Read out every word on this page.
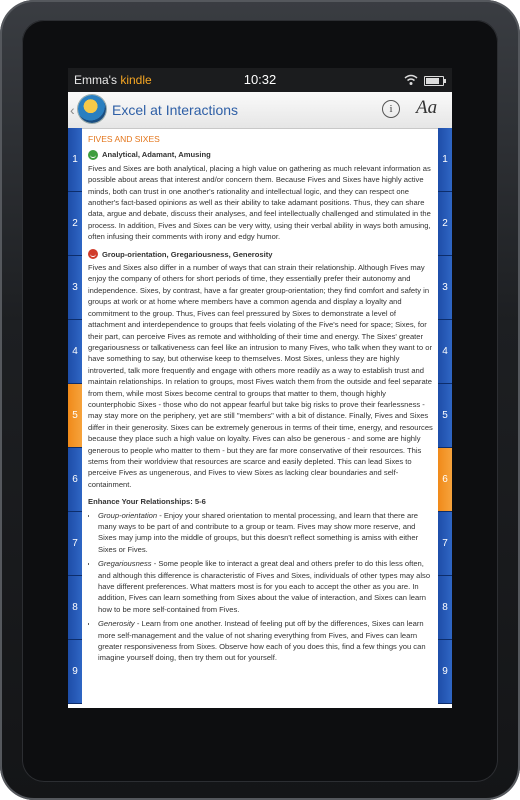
Emma's kindle	10:32
‹	Excel at Interactions	i	Aa
1
2
3
4
5
6
7
8
9
1
2
3
4
5
6
7
8
9
FIVES AND SIXES
Analytical, Adamant, Amusing
Fives and Sixes are both analytical, placing a high value on gathering as much relevant information as possible about areas that interest and/or concern them. Because Fives and Sixes have highly active minds, both can trust in one another's rationality and intellectual logic, and they can respect one another's fact-based opinions as well as their ability to take adamant positions. Thus, they can share data, argue and debate, discuss their analyses, and feel intellectually challenged and stimulated in the process. In addition, Fives and Sixes can be very witty, using their verbal ability in ways both amusing, often infusing their comments with irony and edgy humor.
Group-orientation, Gregariousness, Generosity
Fives and Sixes also differ in a number of ways that can strain their relationship. Although Fives may enjoy the company of others for short periods of time, they essentially prefer their autonomy and independence. Sixes, by contrast, have a far greater group-orientation; they find comfort and safety in groups at work or at home where members have a common agenda and display a loyalty and commitment to the group. Thus, Fives can feel pressured by Sixes to demonstrate a level of attachment and interdependence to groups that feels violating of the Five's need for space; Sixes, for their part, can perceive Fives as remote and withholding of their time and energy. The Sixes' greater gregariousness or talkativeness can feel like an intrusion to many Fives, who talk when they want to or have something to say, but otherwise keep to themselves. Most Sixes, unless they are highly introverted, talk more frequently and engage with others more readily as a way to establish trust and maintain relationships. In relation to groups, most Fives watch them from the outside and feel separate from them, while most Sixes become central to groups that matter to them, though highly counterphobic Sixes - those who do not appear fearful but take big risks to prove their fearlessness - may stay more on the periphery, yet are still "members" with a bit of distance. Finally, Fives and Sixes differ in their generosity. Sixes can be extremely generous in terms of their time, energy, and resources because they place such a high value on loyalty. Fives can also be generous - and some are highly generous to people who matter to them - but they are far more conservative of their resources. This stems from their worldview that resources are scarce and easily depleted. This can lead Sixes to perceive Fives as ungenerous, and Fives to view Sixes as lacking clear boundaries and self-containment.
Enhance Your Relationships: 5-6
• Group-orientation - Enjoy your shared orientation to mental processing, and learn that there are many ways to be part of and contribute to a group or team. Fives may show more reserve, and Sixes may jump into the middle of groups, but this doesn't reflect something is amiss with either Sixes or Fives.
• Gregariousness - Some people like to interact a great deal and others prefer to do this less often, and although this difference is characteristic of Fives and Sixes, individuals of other types may also have different preferences. What matters most is for you each to accept the other as you are. In addition, Fives can learn something from Sixes about the value of interaction, and Sixes can learn how to be more self-contained from Fives.
• Generosity - Learn from one another. Instead of feeling put off by the differences, Sixes can learn more self-management and the value of not sharing everything from Fives, and Fives can learn greater responsiveness from Sixes. Observe how each of you does this, find a few things you can imagine yourself doing, then try them out for yourself.
